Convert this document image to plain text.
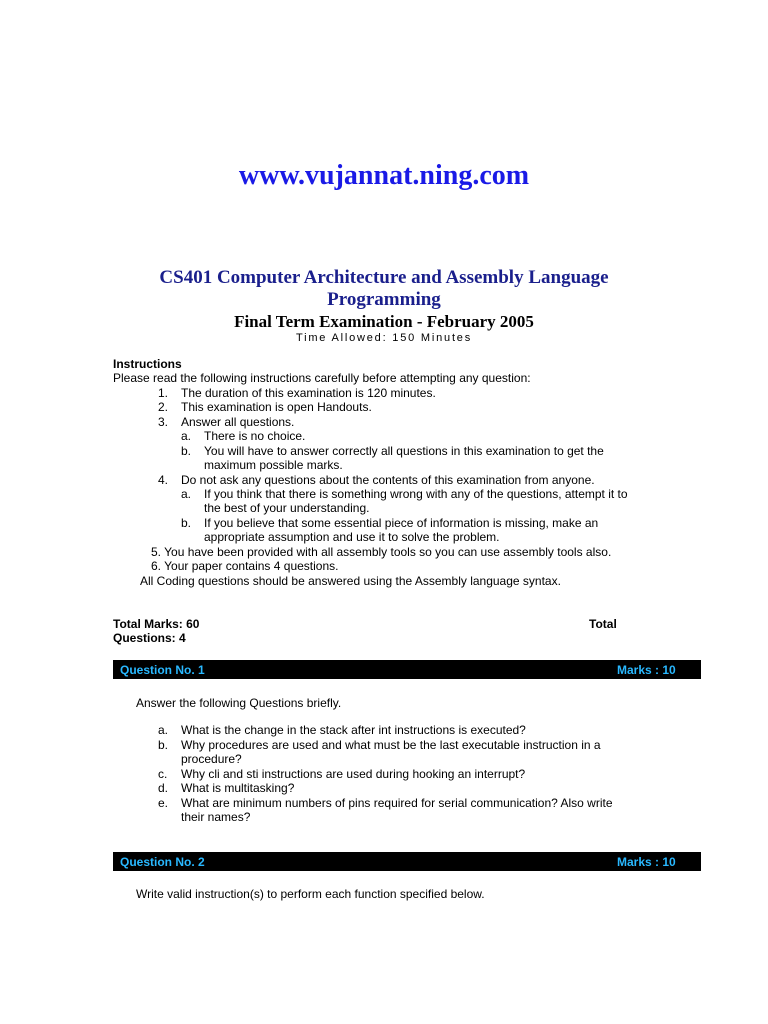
www.vujannat.ning.com
CS401 Computer Architecture and Assembly Language
Programming
Final Term Examination - February 2005
Time Allowed: 150 Minutes
Instructions
Please read the following instructions carefully before attempting any question:
1. The duration of this examination is 120 minutes.
2. This examination is open Handouts.
3. Answer all questions.
a. There is no choice.
b. You will have to answer correctly all questions in this examination to get the
maximum possible marks.
4. Do not ask any questions about the contents of this examination from anyone.
a. If you think that there is something wrong with any of the questions, attempt it to
the best of your understanding.
b. If you believe that some essential piece of information is missing, make an
appropriate assumption and use it to solve the problem.
5. You have been provided with all assembly tools so you can use assembly tools also.
6. Your paper contains 4 questions.
All Coding questions should be answered using the Assembly language syntax.
Total Marks: 60	Total
Questions: 4
Question No. 1	Marks : 10
Answer the following Questions briefly.
a. What is the change in the stack after int instructions is executed?
b. Why procedures are used and what must be the last executable instruction in a
procedure?
c. Why cli and sti instructions are used during hooking an interrupt?
d. What is multitasking?
e. What are minimum numbers of pins required for serial communication? Also write
their names?
Question No. 2	Marks : 10
Write valid instruction(s) to perform each function specified below.
